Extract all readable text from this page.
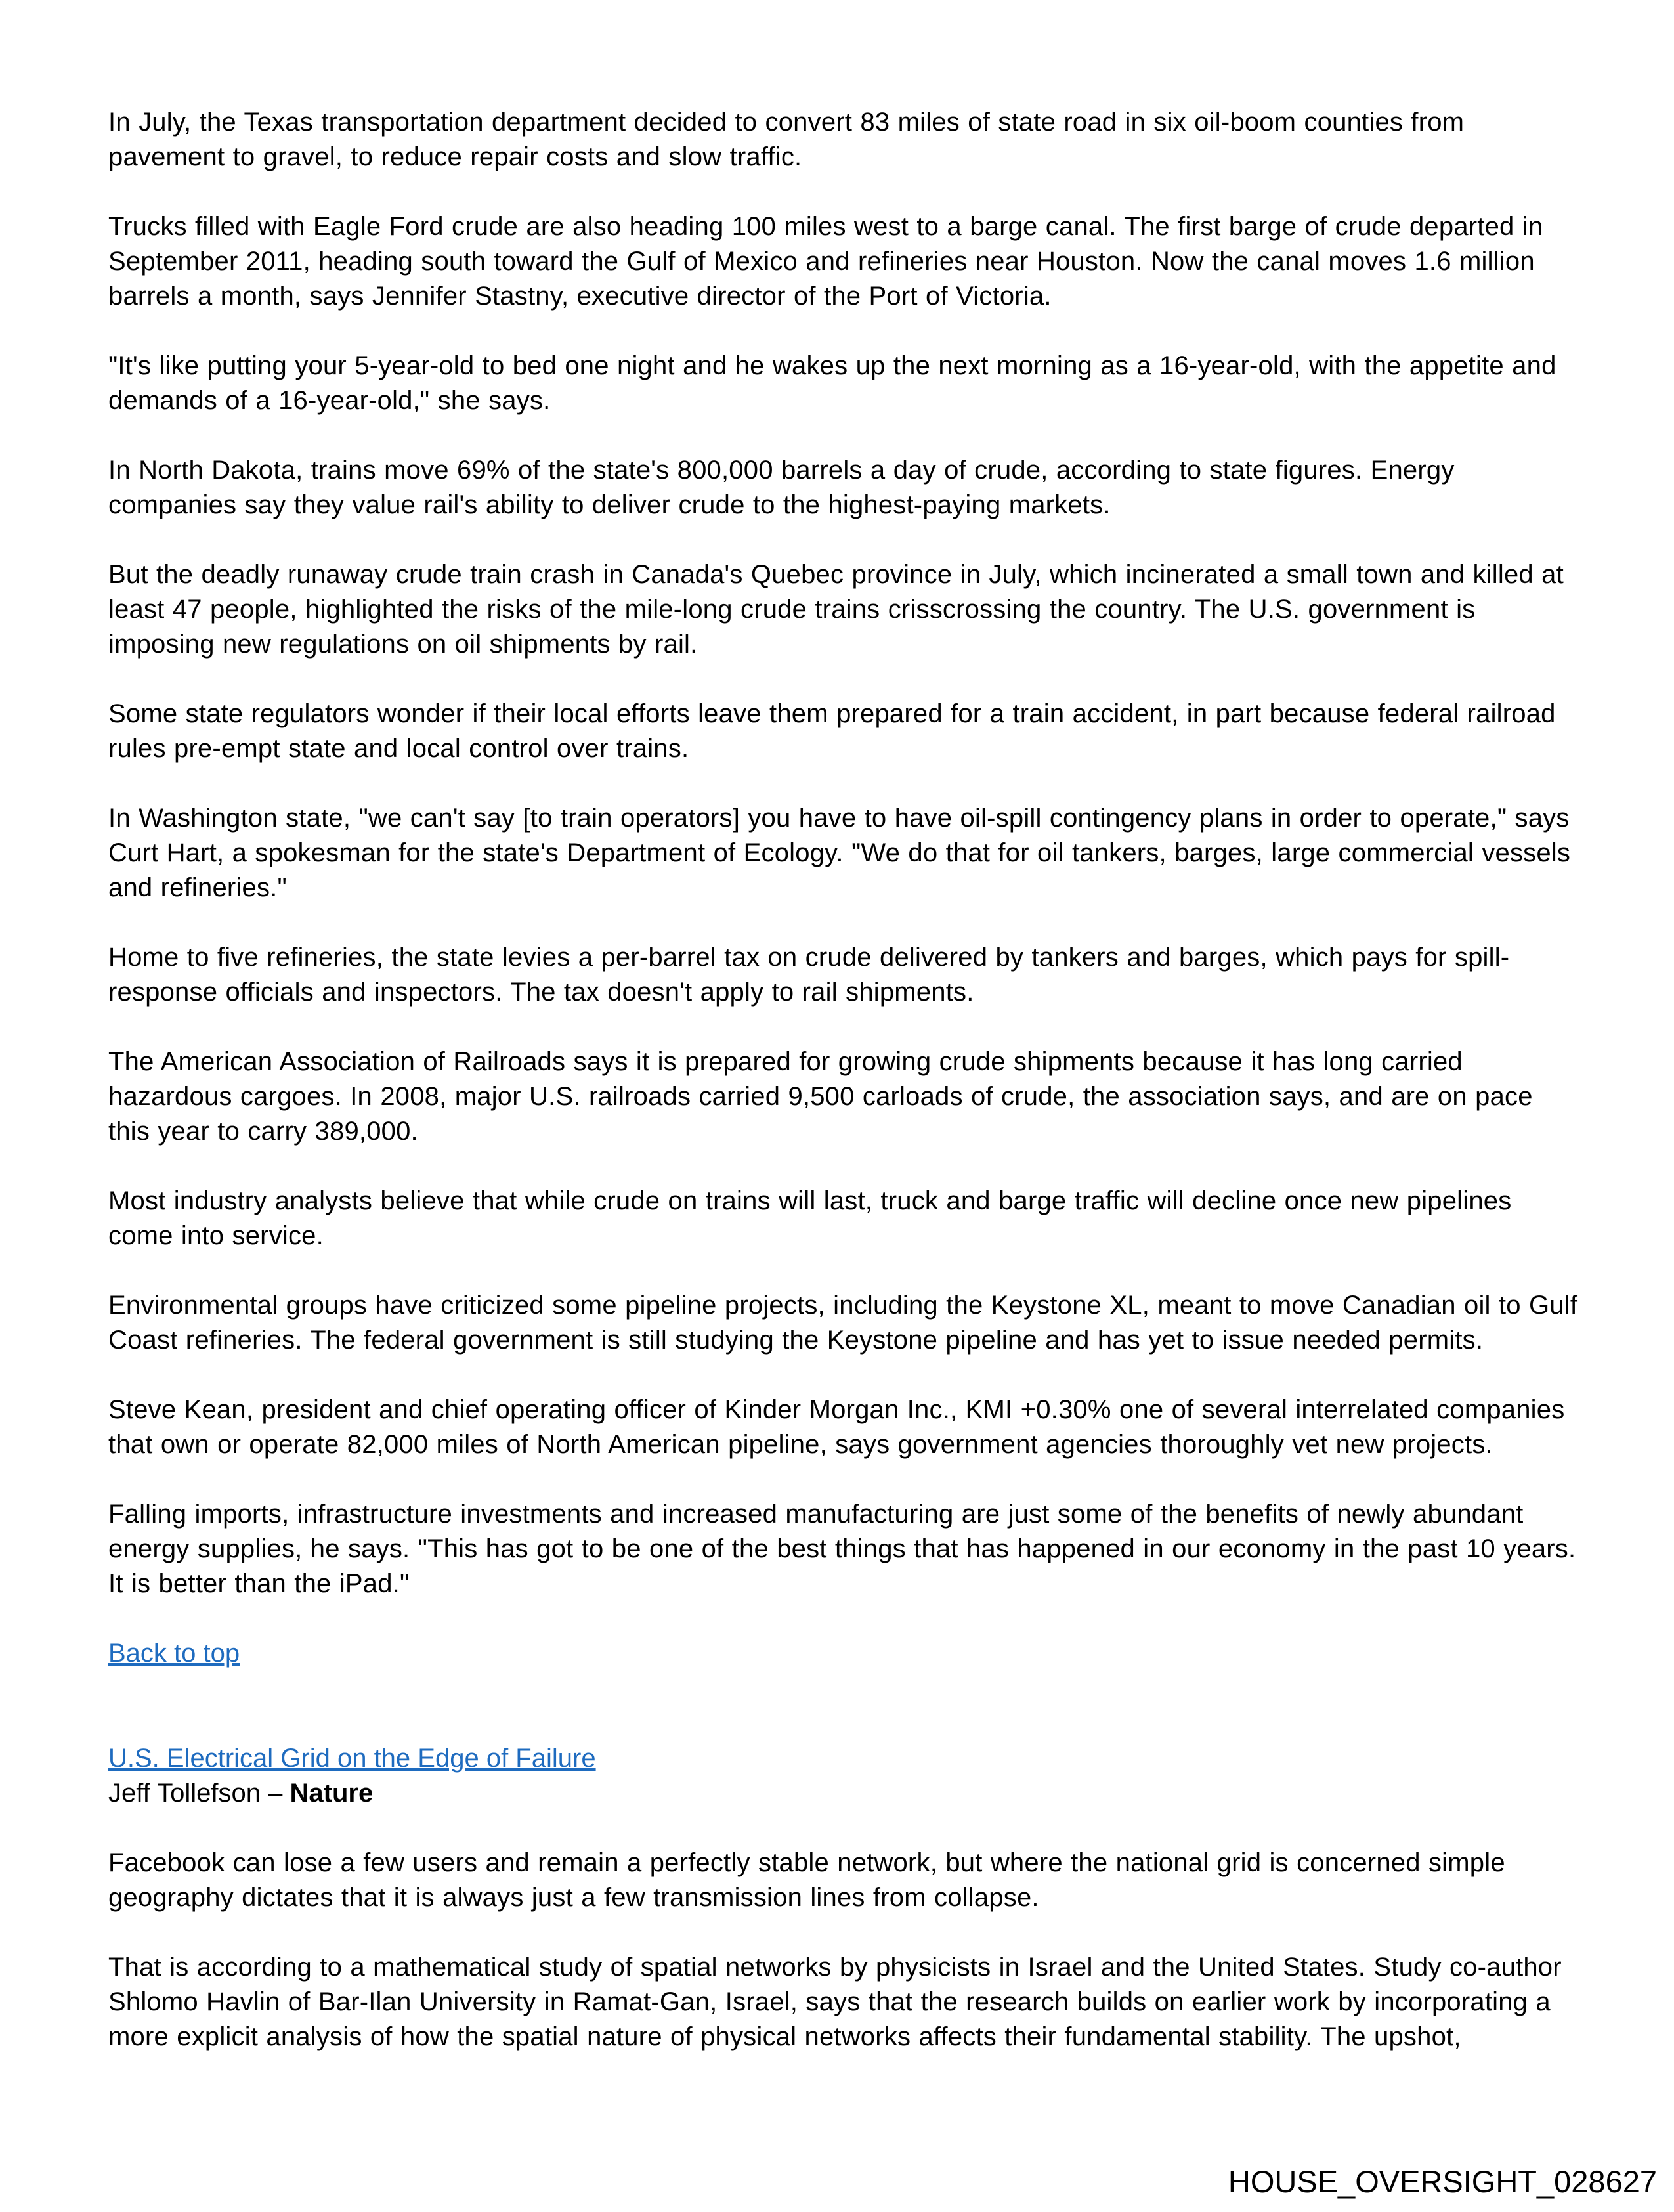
In July, the Texas transportation department decided to convert 83 miles of state road in six oil-boom counties from pavement to gravel, to reduce repair costs and slow traffic.

Trucks filled with Eagle Ford crude are also heading 100 miles west to a barge canal. The first barge of crude departed in September 2011, heading south toward the Gulf of Mexico and refineries near Houston. Now the canal moves 1.6 million barrels a month, says Jennifer Stastny, executive director of the Port of Victoria.

"It's like putting your 5-year-old to bed one night and he wakes up the next morning as a 16-year-old, with the appetite and demands of a 16-year-old," she says.

In North Dakota, trains move 69% of the state's 800,000 barrels a day of crude, according to state figures. Energy companies say they value rail's ability to deliver crude to the highest-paying markets.

But the deadly runaway crude train crash in Canada's Quebec province in July, which incinerated a small town and killed at least 47 people, highlighted the risks of the mile-long crude trains crisscrossing the country. The U.S. government is imposing new regulations on oil shipments by rail.

Some state regulators wonder if their local efforts leave them prepared for a train accident, in part because federal railroad rules pre-empt state and local control over trains.

In Washington state, "we can't say [to train operators] you have to have oil-spill contingency plans in order to operate," says Curt Hart, a spokesman for the state's Department of Ecology. "We do that for oil tankers, barges, large commercial vessels and refineries."

Home to five refineries, the state levies a per-barrel tax on crude delivered by tankers and barges, which pays for spill-response officials and inspectors. The tax doesn't apply to rail shipments.

The American Association of Railroads says it is prepared for growing crude shipments because it has long carried hazardous cargoes. In 2008, major U.S. railroads carried 9,500 carloads of crude, the association says, and are on pace this year to carry 389,000.

Most industry analysts believe that while crude on trains will last, truck and barge traffic will decline once new pipelines come into service.

Environmental groups have criticized some pipeline projects, including the Keystone XL, meant to move Canadian oil to Gulf Coast refineries. The federal government is still studying the Keystone pipeline and has yet to issue needed permits.

Steve Kean, president and chief operating officer of Kinder Morgan Inc., KMI +0.30% one of several interrelated companies that own or operate 82,000 miles of North American pipeline, says government agencies thoroughly vet new projects.

Falling imports, infrastructure investments and increased manufacturing are just some of the benefits of newly abundant energy supplies, he says. "This has got to be one of the best things that has happened in our economy in the past 10 years. It is better than the iPad."

Back to top
U.S. Electrical Grid on the Edge of Failure

Jeff Tollefson – Nature

Facebook can lose a few users and remain a perfectly stable network, but where the national grid is concerned simple geography dictates that it is always just a few transmission lines from collapse.

That is according to a mathematical study of spatial networks by physicists in Israel and the United States. Study co-author Shlomo Havlin of Bar-Ilan University in Ramat-Gan, Israel, says that the research builds on earlier work by incorporating a more explicit analysis of how the spatial nature of physical networks affects their fundamental stability. The upshot,

HOUSE_OVERSIGHT_028627
